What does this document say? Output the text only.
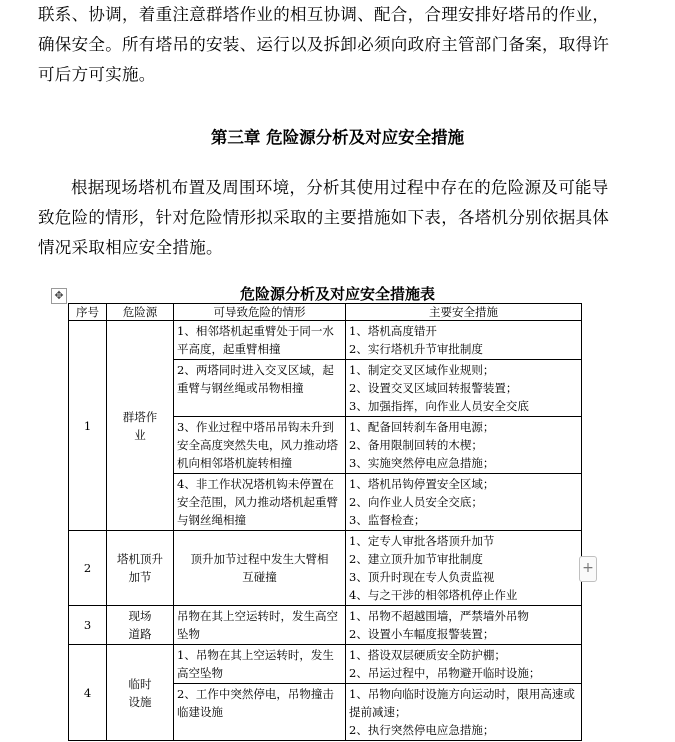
联系、协调，着重注意群塔作业的相互协调、配合，合理安排好塔吊的作业，
确保安全。所有塔吊的安装、运行以及拆卸必须向政府主管部门备案，取得许
可后方可实施。
第三章 危险源分析及对应安全措施
根据现场塔机布置及周围环境，分析其使用过程中存在的危险源及可能导
致危险的情形，针对危险情形拟采取的主要措施如下表，各塔机分别依据具体
情况采取相应安全措施。
✥	危险源分析及对应安全措施表
序号	危险源	可导致危险的情形	主要安全措施
1	群塔作业	1、相邻塔机起重臂处于同一水平高度，起重臂相撞	1、塔机高度错开
2、实行塔机升节审批制度

		2、两塔同时进入交叉区域，起重臂与钢丝绳或吊物相撞	1、制定交叉区域作业规则；
2、设置交叉区域回转报警装置；
3、加强指挥，向作业人员安全交底

		3、作业过程中塔吊吊钩未升到安全高度突然失电，风力推动塔机向相邻塔机旋转相撞	1、配备回转刹车备用电源；
2、备用限制回转的木楔；
3、实施突然停电应急措施；

		4、非工作状况塔机钩未停置在安全范围，风力推动塔机起重臂与钢丝绳相撞	1、塔机吊钩停置安全区域；
2、向作业人员安全交底；
3、监督检查；

2	塔机顶升加节	顶升加节过程中发生大臂相互碰撞	1、定专人审批各塔顶升加节
2、建立顶升加节审批制度
3、顶升时现在专人负责监视
4、与之干涉的相邻塔机停止作业

3	现场道路	吊物在其上空运转时，发生高空坠物	1、吊物不超越围墙，严禁墙外吊物
2、设置小车幅度报警装置；

4	临时设施	1、吊物在其上空运转时，发生高空坠物	1、搭设双层硬质安全防护棚；
2、吊运过程中，吊物避开临时设施；

		2、工作中突然停电，吊物撞击临建设施	1、吊物向临时设施方向运动时，限用高速或提前减速；
2、执行突然停电应急措施；
+
